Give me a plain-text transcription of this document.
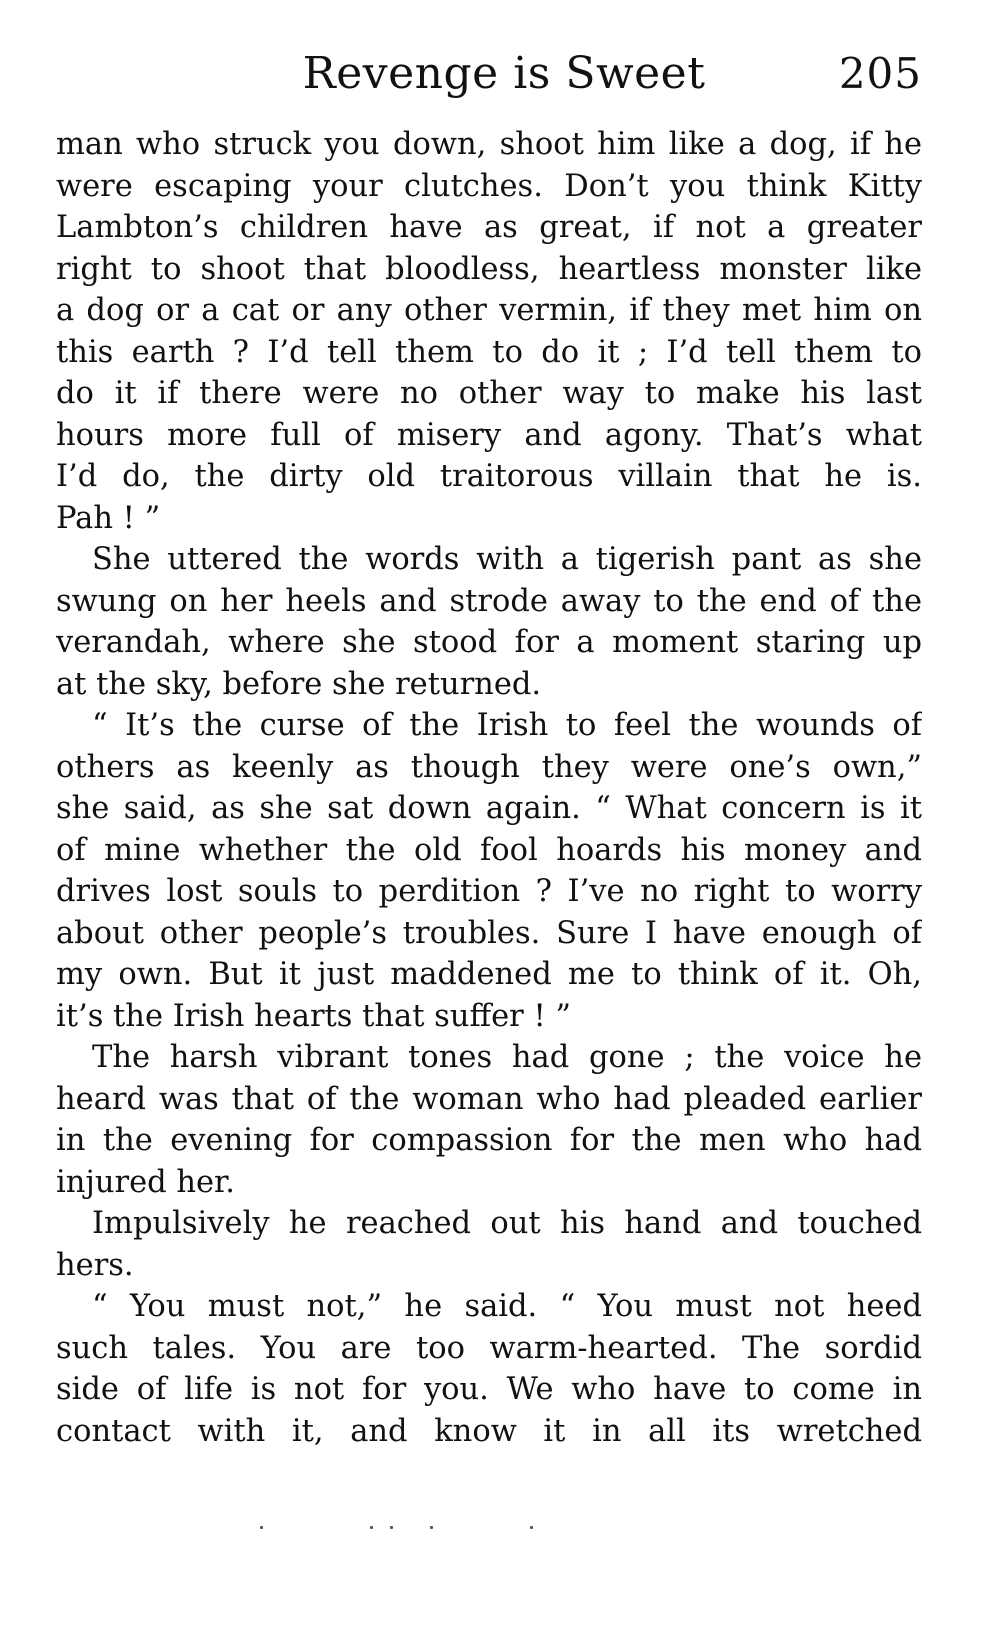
Revenge is Sweet	205
man who struck you down, shoot him like a dog, if he
were escaping your clutches. Don’t you think Kitty
Lambton’s children have as great, if not a greater
right to shoot that bloodless, heartless monster like
a dog or a cat or any other vermin, if they met him on
this earth ? I’d tell them to do it ; I’d tell them to
do it if there were no other way to make his last
hours more full of misery and agony. That’s what
I’d do, the dirty old traitorous villain that he is.
Pah ! ”
She uttered the words with a tigerish pant as she
swung on her heels and strode away to the end of the
verandah, where she stood for a moment staring up
at the sky, before she returned.
“ It’s the curse of the Irish to feel the wounds of
others as keenly as though they were one’s own,”
she said, as she sat down again. “ What concern is it
of mine whether the old fool hoards his money and
drives lost souls to perdition ? I’ve no right to worry
about other people’s troubles. Sure I have enough of
my own. But it just maddened me to think of it. Oh,
it’s the Irish hearts that suffer ! ”
The harsh vibrant tones had gone ; the voice he
heard was that of the woman who had pleaded earlier
in the evening for compassion for the men who had
injured her.
Impulsively he reached out his hand and touched
hers.
“ You must not,” he said. “ You must not heed
such tales. You are too warm-hearted. The sordid
side of life is not for you. We who have to come in
contact with it, and know it in all its wretched
